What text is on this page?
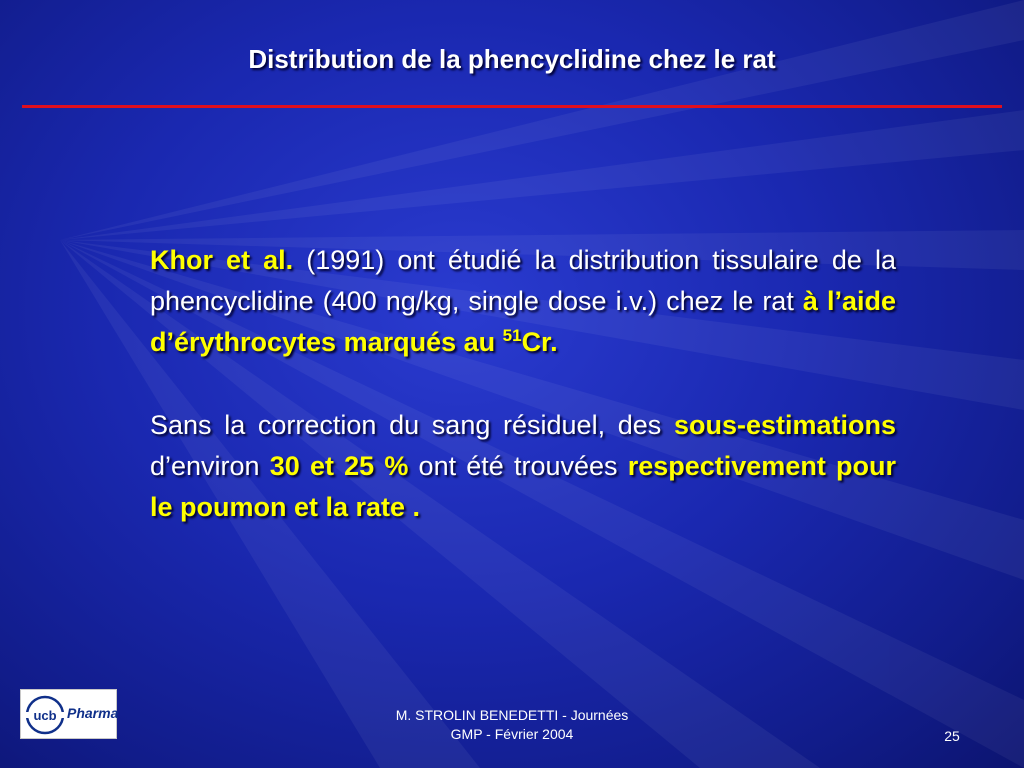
Distribution de la phencyclidine chez le rat

Khor et al. (1991) ont étudié la distribution tissulaire de la phencyclidine (400 ng/kg, single dose i.v.) chez le rat à l’aide d’érythrocytes marqués au $^{51}$Cr.

Sans la correction du sang résiduel, des sous-estimations d’environ 30 et 25 % ont été trouvées respectivement pour le poumon et la rate .

ucb Pharma	M. STROLIN BENEDETTI - Journées
GMP - Février 2004	25
